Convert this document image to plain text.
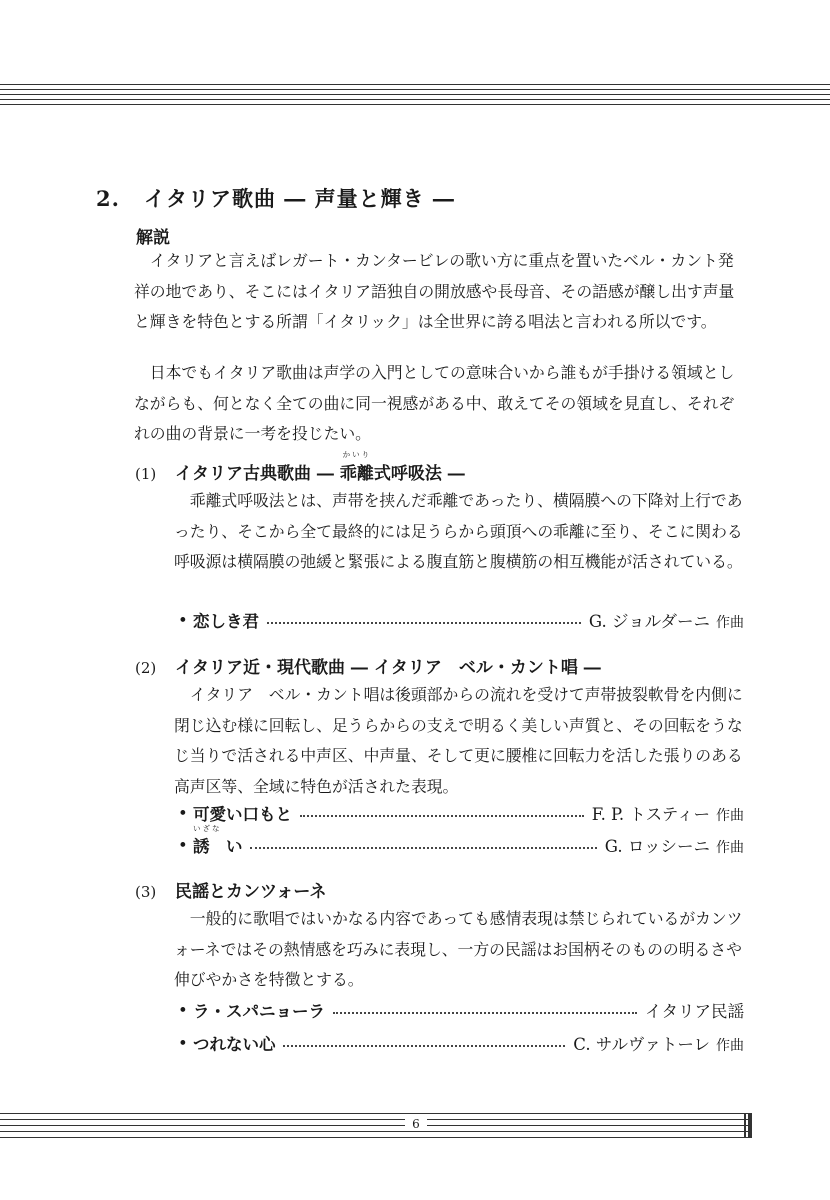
2. イタリア歌曲 ― 声量と輝き ―
解説
イタリアと言えばレガート・カンタービレの歌い方に重点を置いたベル・カント発祥の地であり、そこにはイタリア語独自の開放感や長母音、その語感が醸し出す声量と輝きを特色とする所謂「イタリック」は全世界に誇る唱法と言われる所以です。
日本でもイタリア歌曲は声学の入門としての意味合いから誰もが手掛ける領域としながらも、何となく全ての曲に同一視感がある中、敢えてその領域を見直し、それぞれの曲の背景に一考を投じたい。
(1) イタリア古典歌曲 ―
かいり
乖離式呼吸法 ―
乖離式呼吸法とは、声帯を挟んだ乖離であったり、横隔膜への下降対上行であったり、そこから全て最終的には足うらから頭頂への乖離に至り、そこに関わる呼吸源は横隔膜の弛緩と緊張による腹直筋と腹横筋の相互機能が活されている。
•
恋しき君	G. ジョルダーニ 作曲
(2) イタリア近・現代歌曲 ― イタリア　ベル・カント唱 ―
イタリア　ベル・カント唱は後頭部からの流れを受けて声帯披裂軟骨を内側に閉じ込む様に回転し、足うらからの支えで明るく美しい声質と、その回転をうなじ当りで活される中声区、中声量、そして更に腰椎に回転力を活した張りのある高声区等、全域に特色が活された表現。
•
可愛い口もと	F. P. トスティー 作曲
•

いざな
誘　い	G. ロッシーニ 作曲
(3) 民謡とカンツォーネ
一般的に歌唱ではいかなる内容であっても感情表現は禁じられているがカンツォーネではその熱情感を巧みに表現し、一方の民謡はお国柄そのものの明るさや伸びやかさを特徴とする。
•
ラ・スパニョーラ	イタリア民謡
•
つれない心	C. サルヴァトーレ 作曲
6
